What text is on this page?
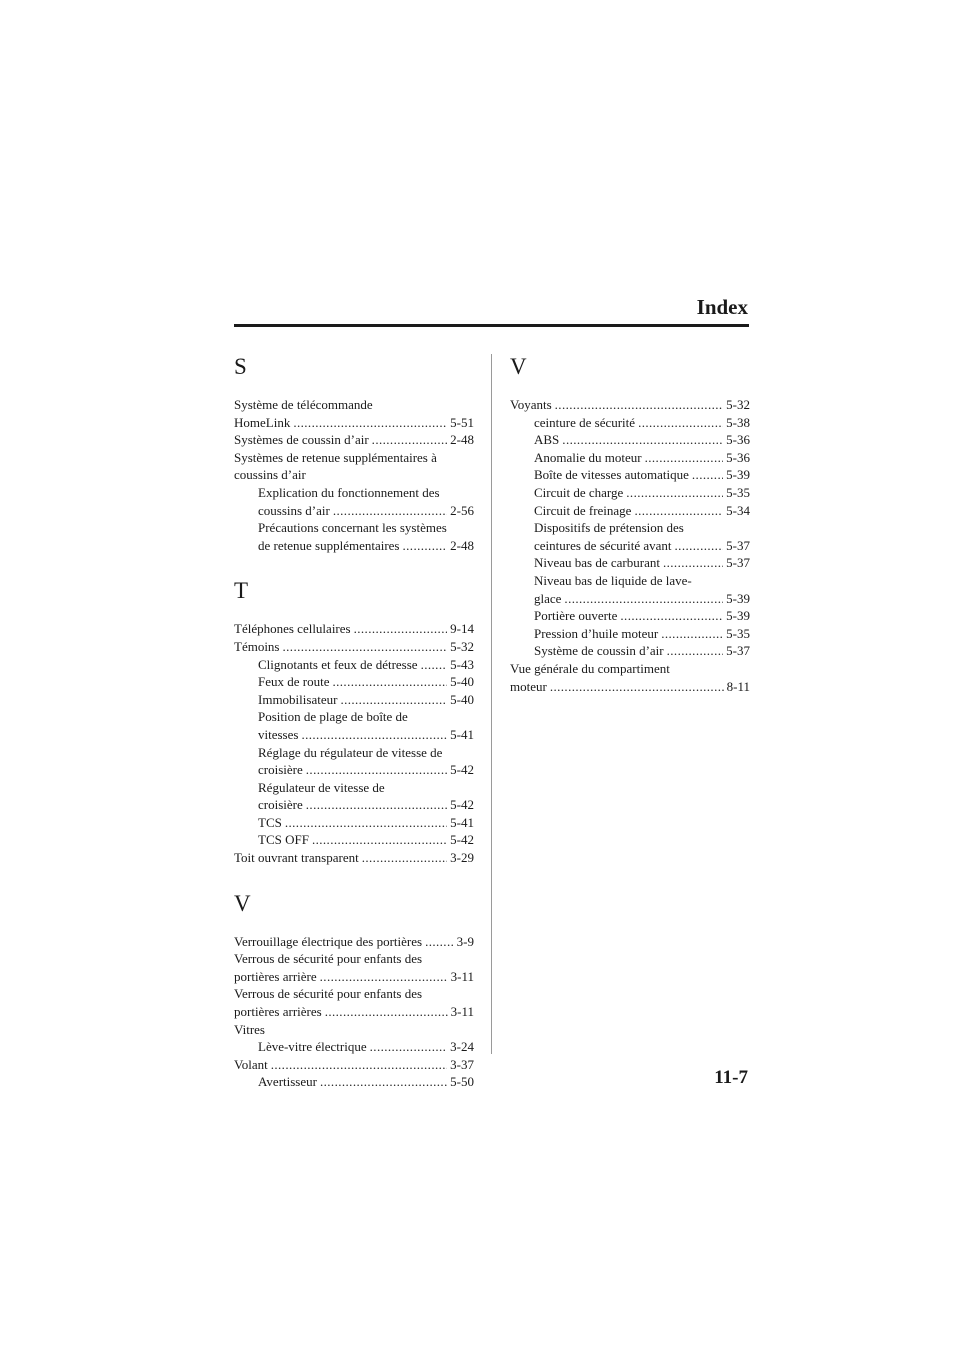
Index
S
Système de télécommande
HomeLink .....	5-51
Systèmes de coussin d’air .....	2-48
Systèmes de retenue supplémentaires à
coussins d’air
Explication du fonctionnement des
coussins d’air .....	2-56
Précautions concernant les systèmes
de retenue supplémentaires .....	2-48
T
Téléphones cellulaires .....	9-14
Témoins .....	5-32
Clignotants et feux de détresse .....	5-43
Feux de route .....	5-40
Immobilisateur .....	5-40
Position de plage de boîte de
vitesses .....	5-41
Réglage du régulateur de vitesse de
croisière .....	5-42
Régulateur de vitesse de
croisière .....	5-42
TCS .....	5-41
TCS OFF .....	5-42
Toit ouvrant transparent .....	3-29
V
Verrouillage électrique des portières .....	3-9
Verrous de sécurité pour enfants des
portières arrière .....	3-11
Verrous de sécurité pour enfants des
portières arrières .....	3-11
Vitres
Lève-vitre électrique .....	3-24
Volant .....	3-37
Avertisseur .....	5-50
V
Voyants .....	5-32
ceinture de sécurité .....	5-38
ABS .....	5-36
Anomalie du moteur .....	5-36
Boîte de vitesses automatique .....	5-39
Circuit de charge .....	5-35
Circuit de freinage .....	5-34
Dispositifs de prétension des
ceintures de sécurité avant .....	5-37
Niveau bas de carburant .....	5-37
Niveau bas de liquide de lave-
glace .....	5-39
Portière ouverte .....	5-39
Pression d’huile moteur .....	5-35
Système de coussin d’air .....	5-37
Vue générale du compartiment
moteur .....	8-11
11-7
